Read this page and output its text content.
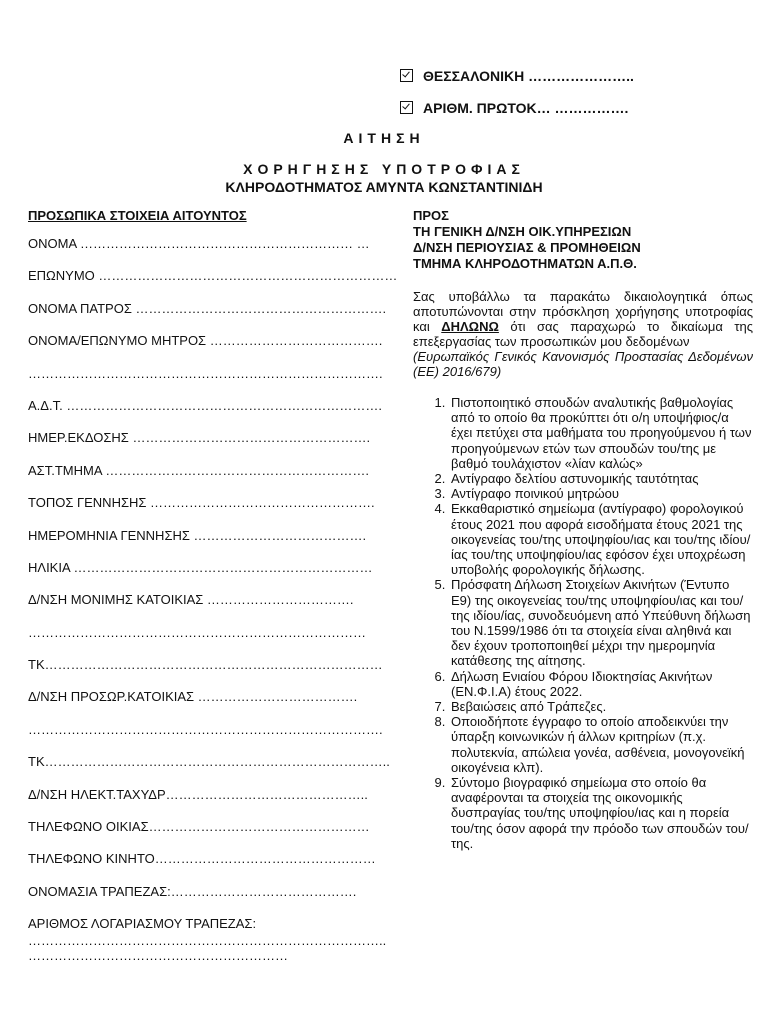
ΘΕΣΣΑΛΟΝΙΚΗ …………………..
ΑΡΙΘΜ. ΠΡΩΤΟΚ… …………….
ΑΙΤΗΣΗ
ΧΟΡΗΓΗΣΗΣ ΥΠΟΤΡΟΦΙΑΣ
ΚΛΗΡΟΔΟΤΗΜΑΤΟΣ ΑΜΥΝΤΑ ΚΩΝΣΤΑΝΤΙΝΙΔΗ
ΠΡΟΣΩΠΙΚΑ ΣΤΟΙΧΕΙΑ ΑΙΤΟΥΝΤΟΣ
ΟΝΟΜΑ ……………………………………………………… …
ΕΠΩΝΥΜΟ ……………………………………………………………
ΟΝΟΜΑ ΠΑΤΡΟΣ ………………………………………………….
ΟΝΟΜΑ/ΕΠΩΝΥΜΟ ΜΗΤΡΟΣ ………………………………….
……………………………………………………………………….
Α.Δ.Τ. ……………………………………………………………….
ΗΜΕΡ.ΕΚΔΟΣΗΣ ……………………………………………….
ΑΣΤ.ΤΜΗΜΑ …………………………………………………….
ΤΟΠΟΣ ΓΕΝΝΗΣΗΣ …………………………………………….
ΗΜΕΡΟΜΗΝΙΑ ΓΕΝΝΗΣΗΣ ………………………………….
ΗΛΙΚΙΑ ……………………………………………………………
Δ/ΝΣΗ ΜΟΝΙΜΗΣ ΚΑΤΟΙΚΙΑΣ …………………………….
……………………………………………………………………
ΤΚ……………………………………………………………………
Δ/ΝΣΗ ΠΡΟΣΩΡ.ΚΑΤΟΙΚΙΑΣ ……………………………….
……………………………………………………………………….
ΤΚ……………………………………………………………………..
Δ/ΝΣΗ ΗΛΕΚΤ.ΤΑΧΥΔΡ………………………………………..
ΤΗΛΕΦΩΝΟ ΟΙΚΙΑΣ……………………………………………
ΤΗΛΕΦΩΝΟ ΚΙΝΗΤΟ……………………………………………
ΟΝΟΜΑΣΙΑ ΤΡΑΠΕΖΑΣ:…………………………………….
ΑΡΙΘΜΟΣ ΛΟΓΑΡΙΑΣΜΟΥ ΤΡΑΠΕΖΑΣ:
………………………………………………………………………..
……………………………………………………
ΠΡΟΣ
ΤΗ ΓΕΝΙΚΗ Δ/ΝΣΗ ΟΙΚ.ΥΠΗΡΕΣΙΩΝ
Δ/ΝΣΗ ΠΕΡΙΟΥΣΙΑΣ & ΠΡΟΜΗΘΕΙΩΝ
ΤΜΗΜΑ ΚΛΗΡΟΔΟΤΗΜΑΤΩΝ Α.Π.Θ.
Σας υποβάλλω τα παρακάτω δικαιολογητικά όπως αποτυπώνονται στην πρόσκληση χορήγησης υποτροφίας και ΔΗΛΩΝΩ ότι σας παραχωρώ το δικαίωμα της επεξεργασίας των προσωπικών μου δεδομένων
(Ευρωπαϊκός Γενικός Κανονισμός Προστασίας Δεδομένων (ΕΕ) 2016/679)
1. Πιστοποιητικό σπουδών αναλυτικής βαθμολογίας από το οποίο θα προκύπτει ότι ο/η υποψήφιος/α έχει πετύχει στα μαθήματα του προηγούμενου ή των προηγούμενων ετών των σπουδών του/της με βαθμό τουλάχιστον «λίαν καλώς»
2. Αντίγραφο δελτίου αστυνομικής ταυτότητας
3. Αντίγραφο ποινικού μητρώου
4. Εκκαθαριστικό σημείωμα (αντίγραφο) φορολογικού έτους 2021 που αφορά εισοδήματα έτους 2021 της οικογενείας του/της υποψηφίου/ιας και του/της ιδίου/ίας του/της υποψηφίου/ιας εφόσον έχει υποχρέωση υποβολής φορολογικής δήλωσης.
5. Πρόσφατη Δήλωση Στοιχείων Ακινήτων (Έντυπο Ε9) της οικογενείας του/της υποψηφίου/ιας και του/της ιδίου/ίας, συνοδευόμενη από Υπεύθυνη δήλωση του Ν.1599/1986 ότι τα στοιχεία είναι αληθινά και δεν έχουν τροποποιηθεί μέχρι την ημερομηνία κατάθεσης της αίτησης.
6. Δήλωση Ενιαίου Φόρου Ιδιοκτησίας Ακινήτων (ΕΝ.Φ.Ι.Α) έτους 2022.
7. Βεβαιώσεις από Τράπεζες.
8. Οποιοδήποτε έγγραφο το οποίο αποδεικνύει την ύπαρξη κοινωνικών ή άλλων κριτηρίων (π.χ. πολυτεκνία, απώλεια γονέα, ασθένεια, μονογονεϊκή οικογένεια κλπ).
9. Σύντομο βιογραφικό σημείωμα στο οποίο θα αναφέρονται τα στοιχεία της οικονομικής δυσπραγίας του/της υποψηφίου/ιας και η πορεία του/της όσον αφορά την πρόοδο των σπουδών του/της.
